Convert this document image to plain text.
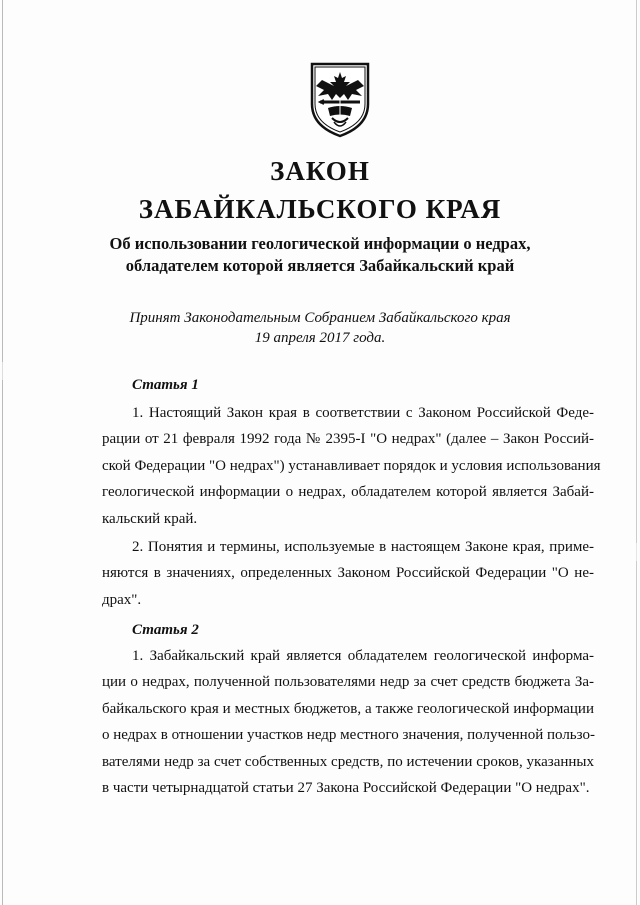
ЗАКОН
ЗАБАЙКАЛЬСКОГО КРАЯ
Об использовании геологической информации о недрах,
обладателем которой является Забайкальский край
Принят Законодательным Собранием Забайкальского края
19 апреля 2017 года.
Статья 1
1. Настоящий Закон края в соответствии с Законом Российской Феде-
рации от 21 февраля 1992 года № 2395-I "О недрах" (далее – Закон Россий-
ской Федерации "О недрах") устанавливает порядок и условия использования
геологической информации о недрах, обладателем которой является Забай-
кальский край.
2. Понятия и термины, используемые в настоящем Законе края, приме-
няются в значениях, определенных Законом Российской Федерации "О не-
драх".
Статья 2
1. Забайкальский край является обладателем геологической информа-
ции о недрах, полученной пользователями недр за счет средств бюджета За-
байкальского края и местных бюджетов, а также геологической информации
о недрах в отношении участков недр местного значения, полученной пользо-
вателями недр за счет собственных средств, по истечении сроков, указанных
в части четырнадцатой статьи 27 Закона Российской Федерации "О недрах".
